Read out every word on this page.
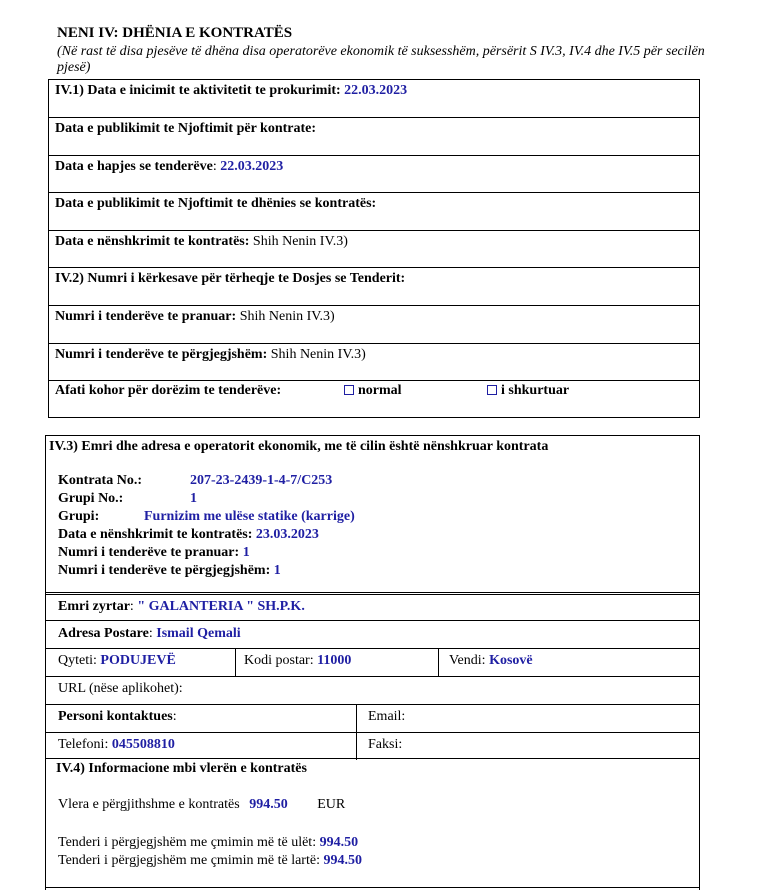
NENI IV: DHËNIA E KONTRATËS
(Në rast të disa pjesëve të dhëna disa operatorëve ekonomik të suksesshëm, përsërit S IV.3, IV.4 dhe IV.5 për secilën pjesë)
IV.1) Data e inicimit te aktivitetit te prokurimit: 22.03.2023
Data e publikimit te Njoftimit për kontrate:
Data e hapjes se tenderëve: 22.03.2023
Data e publikimit te Njoftimit te dhënies se kontratës:
Data e nënshkrimit te kontratës: Shih Nenin IV.3)
IV.2) Numri i kërkesave për tërheqje te Dosjes se Tenderit:
Numri i tenderëve te pranuar: Shih Nenin IV.3)
Numri i tenderëve te përgjegjshëm: Shih Nenin IV.3)
Afati kohor për dorëzim te tenderëve:	normal	i shkurtuar
IV.3) Emri dhe adresa e operatorit ekonomik, me të cilin është nënshkruar kontrata
Kontrata No.:	207-23-2439-1-4-7/C253
Grupi No.:	1
Grupi:	Furnizim me ulëse statike (karrige)
Data e nënshkrimit te kontratës: 23.03.2023
Numri i tenderëve te pranuar: 1
Numri i tenderëve te përgjegjshëm: 1
Emri zyrtar: " GALANTERIA " SH.P.K.
Adresa Postare: Ismail Qemali
Qyteti: PODUJEVË	Kodi postar: 11000	Vendi: Kosovë
URL (nëse aplikohet):
Personi kontaktues:	Email:
Telefoni: 045508810	Faksi:
IV.4) Informacione mbi vlerën e kontratës
Vlera e përgjithshme e kontratës 994.50 EUR
Tenderi i përgjegjshëm me çmimin më të ulët: 994.50
Tenderi i përgjegjshëm me çmimin më të lartë: 994.50
